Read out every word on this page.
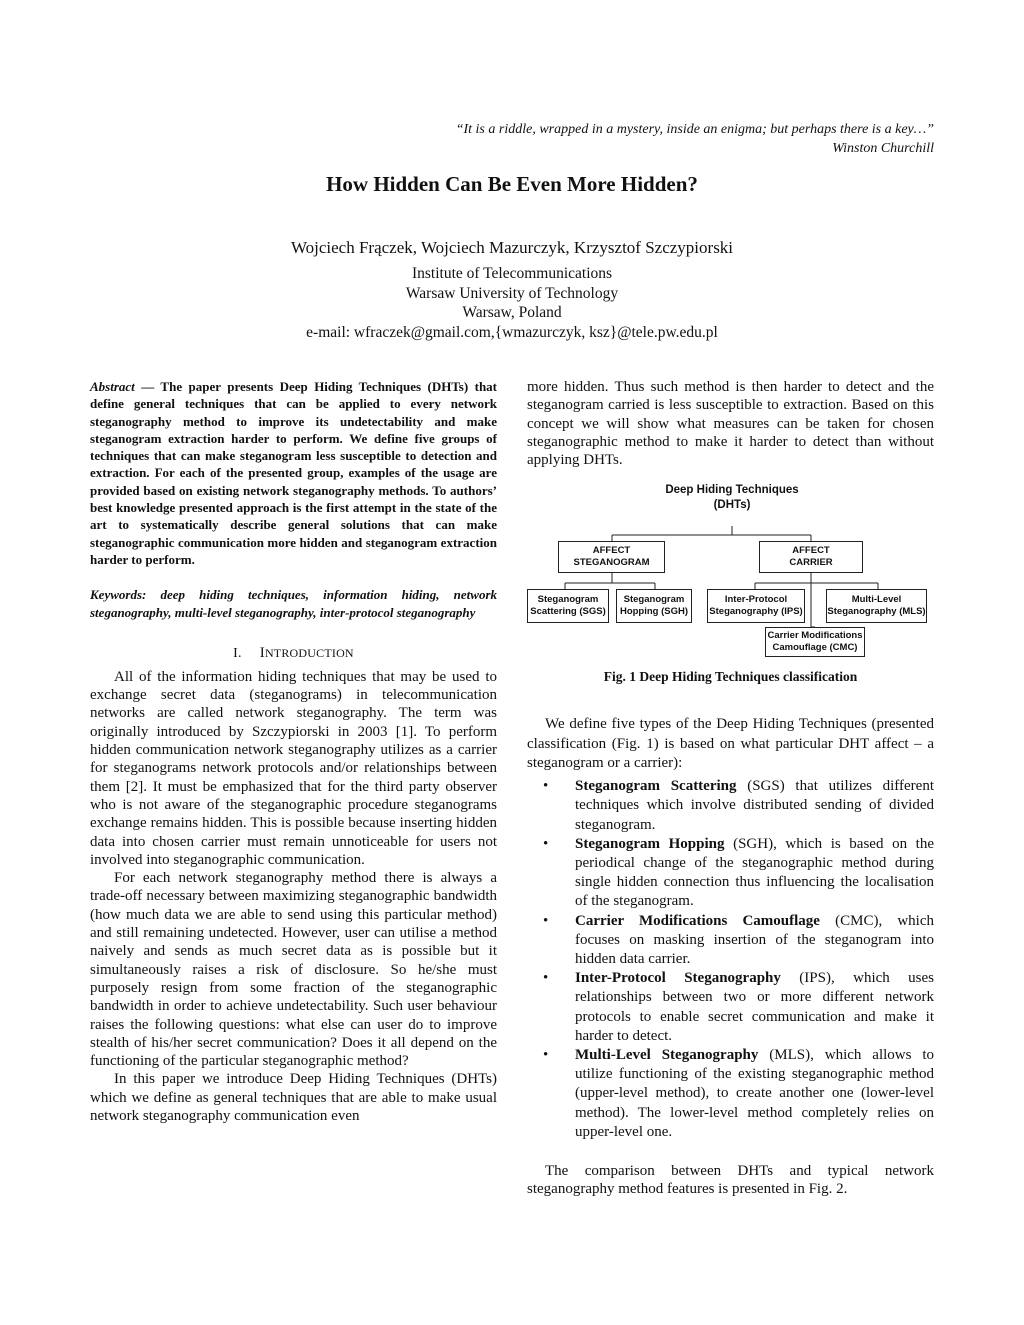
“It is a riddle, wrapped in a mystery, inside an enigma; but perhaps there is a key…”
Winston Churchill
How Hidden Can Be Even More Hidden?
Wojciech Frączek, Wojciech Mazurczyk, Krzysztof Szczypiorski
Institute of Telecommunications
Warsaw University of Technology
Warsaw, Poland
e-mail: wfraczek@gmail.com,{wmazurczyk, ksz}@tele.pw.edu.pl

Abstract — The paper presents Deep Hiding Techniques (DHTs) that define general techniques that can be applied to every network steganography method to improve its undetectability and make steganogram extraction harder to perform. We define five groups of techniques that can make steganogram less susceptible to detection and extraction. For each of the presented group, examples of the usage are provided based on existing network steganography methods. To authors’ best knowledge presented approach is the first attempt in the state of the art to systematically describe general solutions that can make steganographic communication more hidden and steganogram extraction harder to perform.

Keywords: deep hiding techniques, information hiding, network steganography, multi-level steganography, inter-protocol steganography

I. INTRODUCTION

All of the information hiding techniques that may be used to exchange secret data (steganograms) in telecommunication networks are called network steganography. The term was originally introduced by Szczypiorski in 2003 [1]. To perform hidden communication network steganography utilizes as a carrier for steganograms network protocols and/or relationships between them [2]. It must be emphasized that for the third party observer who is not aware of the steganographic procedure steganograms exchange remains hidden. This is possible because inserting hidden data into chosen carrier must remain unnoticeable for users not involved into steganographic communication.

For each network steganography method there is always a trade-off necessary between maximizing steganographic bandwidth (how much data we are able to send using this particular method) and still remaining undetected. However, user can utilise a method naively and sends as much secret data as is possible but it simultaneously raises a risk of disclosure. So he/she must purposely resign from some fraction of the steganographic bandwidth in order to achieve undetectability. Such user behaviour raises the following questions: what else can user do to improve stealth of his/her secret communication? Does it all depend on the functioning of the particular steganographic method?

In this paper we introduce Deep Hiding Techniques (DHTs) which we define as general techniques that are able to make usual network steganography communication even

more hidden. Thus such method is then harder to detect and the steganogram carried is less susceptible to extraction. Based on this concept we will show what measures can be taken for chosen steganographic method to make it harder to detect than without applying DHTs.

Deep Hiding Techniques
(DHTs)
AFFECT
STEGANOGRAM
AFFECT
CARRIER
Steganogram
Scattering (SGS)
Steganogram
Hopping (SGH)
Inter-Protocol
Steganography (IPS)
Multi-Level
Steganography (MLS)
Carrier Modifications
Camouflage (CMC)
Fig. 1 Deep Hiding Techniques classification

We define five types of the Deep Hiding Techniques (presented classification (Fig. 1) is based on what particular DHT affect – a steganogram or a carrier):

• Steganogram Scattering (SGS) that utilizes different techniques which involve distributed sending of divided steganogram.
• Steganogram Hopping (SGH), which is based on the periodical change of the steganographic method during single hidden connection thus influencing the localisation of the steganogram.
• Carrier Modifications Camouflage (CMC), which focuses on masking insertion of the steganogram into hidden data carrier.
• Inter-Protocol Steganography (IPS), which uses relationships between two or more different network protocols to enable secret communication and make it harder to detect.
• Multi-Level Steganography (MLS), which allows to utilize functioning of the existing steganographic method (upper-level method), to create another one (lower-level method). The lower-level method completely relies on upper-level one.

The comparison between DHTs and typical network steganography method features is presented in Fig. 2.
